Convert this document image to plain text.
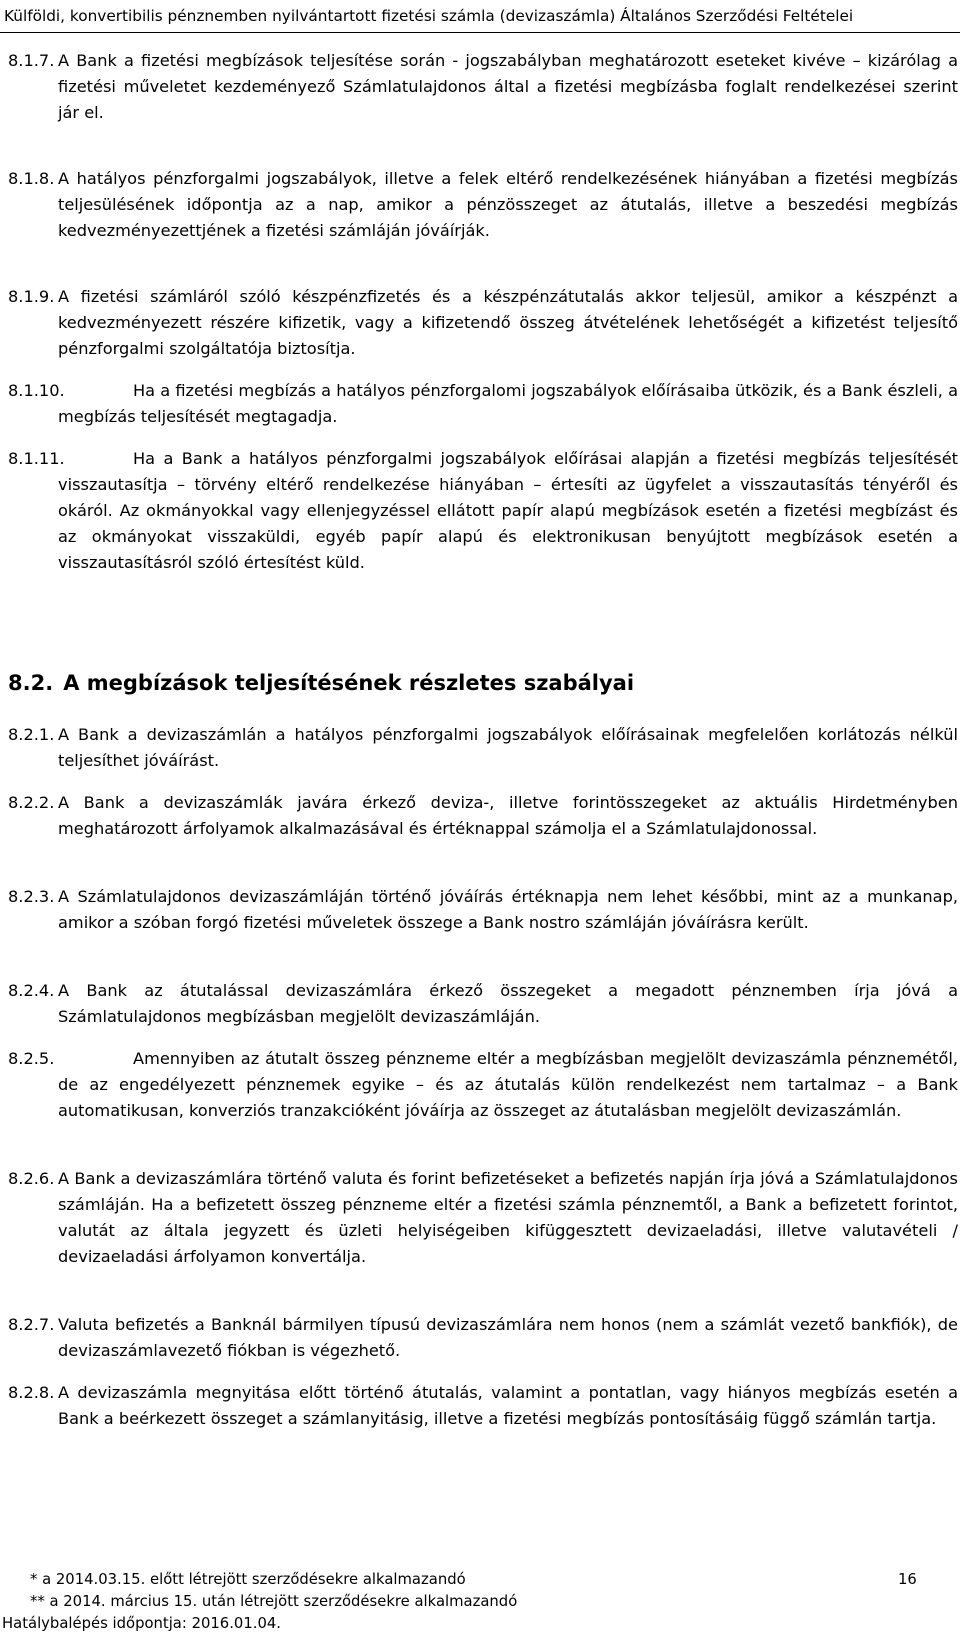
Külföldi, konvertibilis pénznemben nyilvántartott fizetési számla (devizaszámla) Általános Szerződési Feltételei
8.1.7. A Bank a fizetési megbízások teljesítése során - jogszabályban meghatározott eseteket kivéve – kizárólag a fizetési műveletet kezdeményező Számlatulajdonos által a fizetési megbízásba foglalt rendelkezései szerint jár el.
8.1.8. A hatályos pénzforgalmi jogszabályok, illetve a felek eltérő rendelkezésének hiányában a fizetési megbízás teljesülésének időpontja az a nap, amikor a pénzösszeget az átutalás, illetve a beszedési megbízás kedvezményezettjének a fizetési számláján jóváírják.
8.1.9. A fizetési számláról szóló készpénzfizetés és a készpénzátutalás akkor teljesül, amikor a készpénzt a kedvezményezett részére kifizetik, vagy a kifizetendő összeg átvételének lehetőségét a kifizetést teljesítő pénzforgalmi szolgáltatója biztosítja.
8.1.10.	Ha a fizetési megbízás a hatályos pénzforgalomi jogszabályok előírásaiba ütközik, és a Bank észleli, a megbízás teljesítését megtagadja.
8.1.11.	Ha a Bank a hatályos pénzforgalmi jogszabályok előírásai alapján a fizetési megbízás teljesítését visszautasítja – törvény eltérő rendelkezése hiányában – értesíti az ügyfelet a visszautasítás tényéről és okáról. Az okmányokkal vagy ellenjegyzéssel ellátott papír alapú megbízások esetén a fizetési megbízást és az okmányokat visszaküldi, egyéb papír alapú és elektronikusan benyújtott megbízások esetén a visszautasításról szóló értesítést küld.
8.2. A megbízások teljesítésének részletes szabályai
8.2.1. A Bank a devizaszámlán a hatályos pénzforgalmi jogszabályok előírásainak megfelelően korlátozás nélkül teljesíthet jóváírást.
8.2.2. A Bank a devizaszámlák javára érkező deviza-, illetve forintösszegeket az aktuális Hirdetményben meghatározott árfolyamok alkalmazásával és értéknappal számolja el a Számlatulajdonossal.
8.2.3. A Számlatulajdonos devizaszámláján történő jóváírás értéknapja nem lehet későbbi, mint az a munkanap, amikor a szóban forgó fizetési műveletek összege a Bank nostro számláján jóváírásra került.
8.2.4. A Bank az átutalással devizaszámlára érkező összegeket a megadott pénznemben írja jóvá a Számlatulajdonos megbízásban megjelölt devizaszámláján.
8.2.5.	Amennyiben az átutalt összeg pénzneme eltér a megbízásban megjelölt devizaszámla pénznemétől, de az engedélyezett pénznemek egyike – és az átutalás külön rendelkezést nem tartalmaz – a Bank automatikusan, konverziós tranzakcióként jóváírja az összeget az átutalásban megjelölt devizaszámlán.
8.2.6. A Bank a devizaszámlára történő valuta és forint befizetéseket a befizetés napján írja jóvá a Számlatulajdonos számláján. Ha a befizetett összeg pénzneme eltér a fizetési számla pénznemtől, a Bank a befizetett forintot, valutát az általa jegyzett és üzleti helyiségeiben kifüggesztett devizaeladási, illetve valutavételi / devizaeladási árfolyamon konvertálja.
8.2.7. Valuta befizetés a Banknál bármilyen típusú devizaszámlára nem honos (nem a számlát vezető bankfiók), de devizaszámlavezető fiókban is végezhető.
8.2.8. A devizaszámla megnyitása előtt történő átutalás, valamint a pontatlan, vagy hiányos megbízás esetén a Bank a beérkezett összeget a számlanyitásig, illetve a fizetési megbízás pontosításáig függő számlán tartja.
* a 2014.03.15. előtt létrejött szerződésekre alkalmazandó	16
** a 2014. március 15. után létrejött szerződésekre alkalmazandó
Hatálybalépés időpontja: 2016.01.04.
